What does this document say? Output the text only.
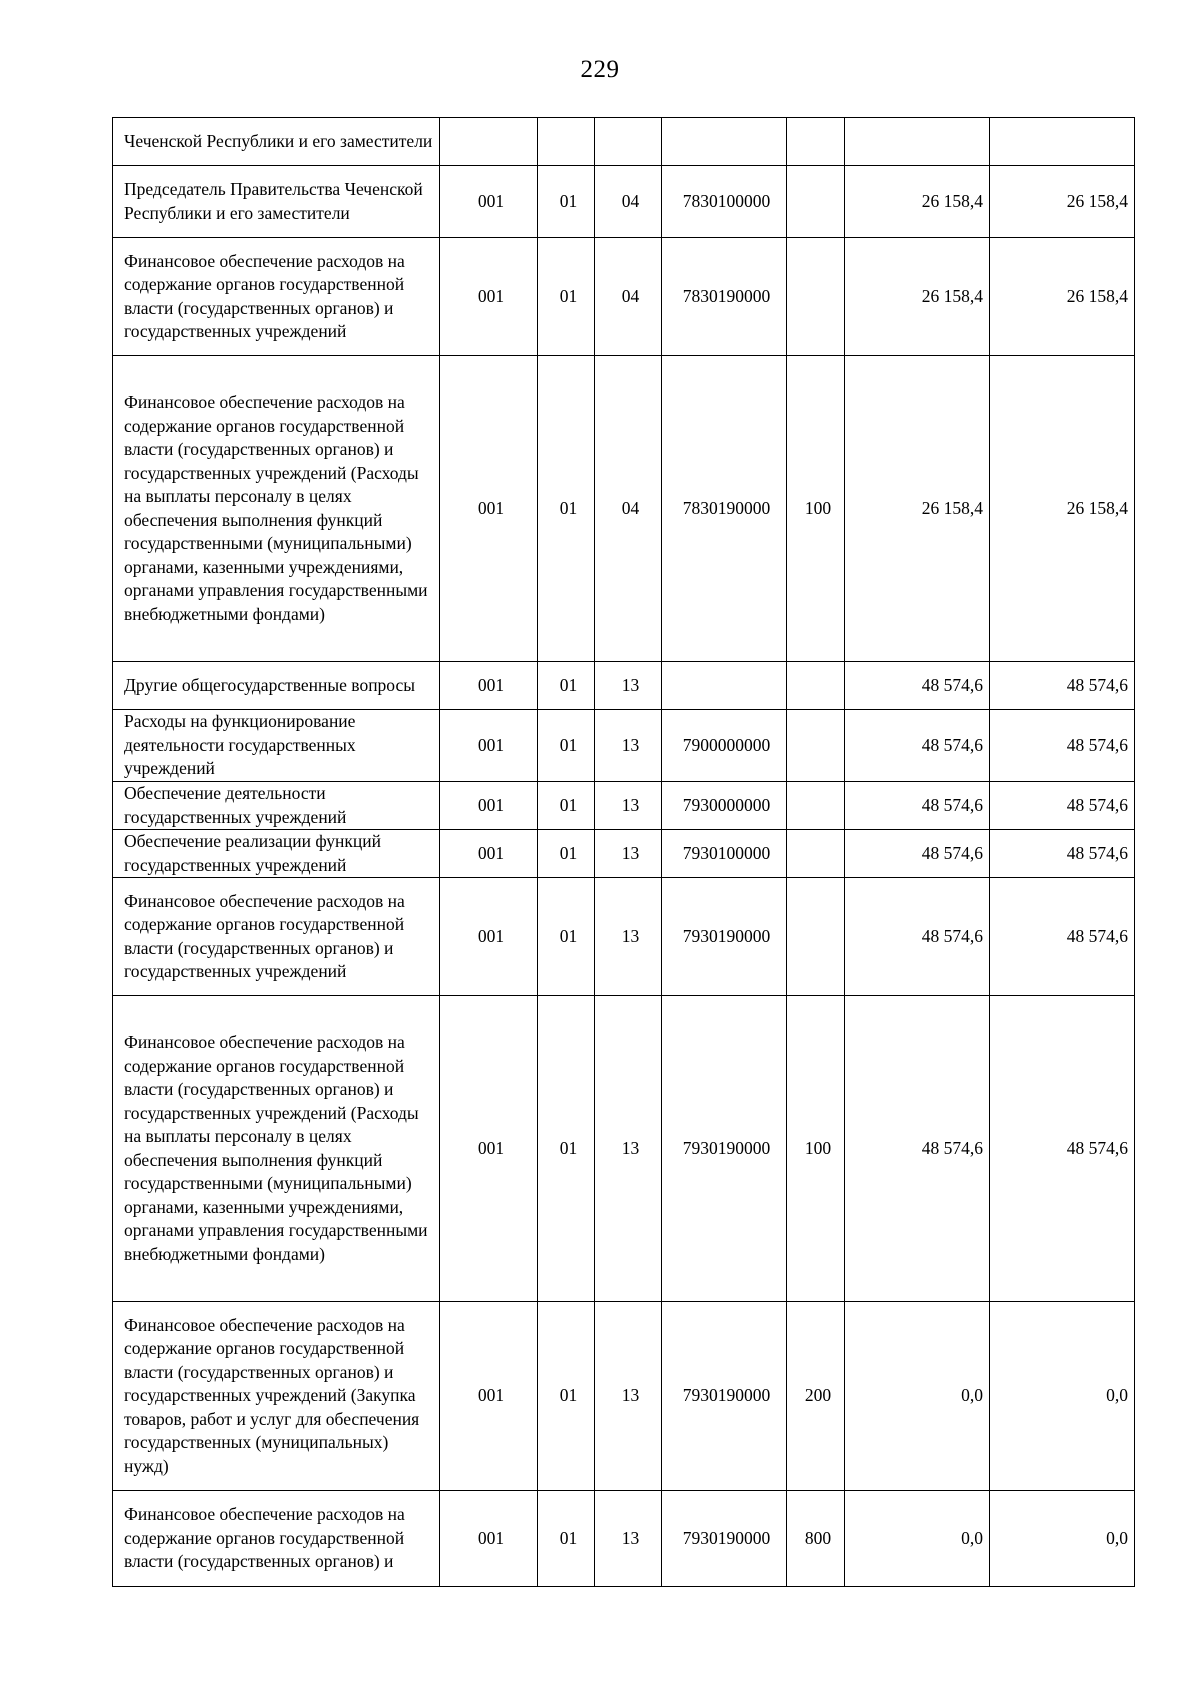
229
Чеченской Республики и его заместители							
Председатель Правительства Чеченской Республики и его заместители	001	01	04	7830100000		26 158,4	26 158,4
Финансовое обеспечение расходов на содержание органов государственной власти (государственных органов) и государственных учреждений	001	01	04	7830190000		26 158,4	26 158,4
Финансовое обеспечение расходов на содержание органов государственной власти (государственных органов) и государственных учреждений (Расходы на выплаты персоналу в целях обеспечения выполнения функций государственными (муниципальными) органами, казенными учреждениями, органами управления государственными внебюджетными фондами)	001	01	04	7830190000	100	26 158,4	26 158,4
Другие общегосударственные вопросы	001	01	13			48 574,6	48 574,6
Расходы на функционирование деятельности государственных учреждений	001	01	13	7900000000		48 574,6	48 574,6
Обеспечение деятельности государственных учреждений	001	01	13	7930000000		48 574,6	48 574,6
Обеспечение реализации функций государственных учреждений	001	01	13	7930100000		48 574,6	48 574,6
Финансовое обеспечение расходов на содержание органов государственной власти (государственных органов) и государственных учреждений	001	01	13	7930190000		48 574,6	48 574,6
Финансовое обеспечение расходов на содержание органов государственной власти (государственных органов) и государственных учреждений (Расходы на выплаты персоналу в целях обеспечения выполнения функций государственными (муниципальными) органами, казенными учреждениями, органами управления государственными внебюджетными фондами)	001	01	13	7930190000	100	48 574,6	48 574,6
Финансовое обеспечение расходов на содержание органов государственной власти (государственных органов) и государственных учреждений (Закупка товаров, работ и услуг для обеспечения государственных (муниципальных) нужд)	001	01	13	7930190000	200	0,0	0,0
Финансовое обеспечение расходов на содержание органов государственной власти (государственных органов) и	001	01	13	7930190000	800	0,0	0,0
